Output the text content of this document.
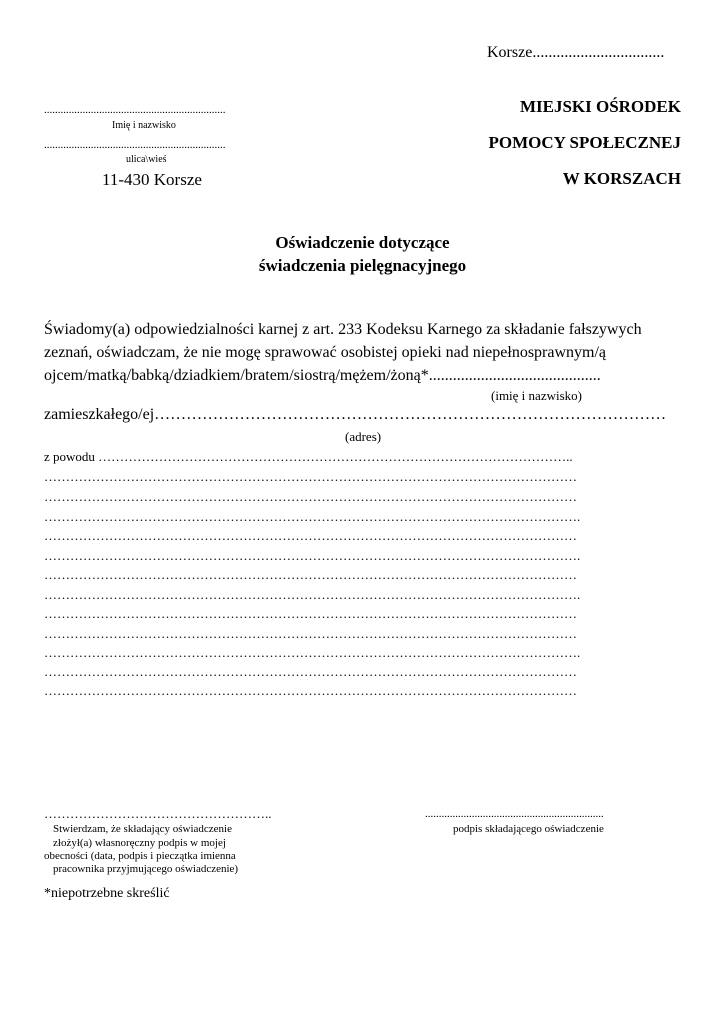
Korsze.................................
..................................................................
Imię i nazwisko
..................................................................
ulica\wieś
11-430 Korsze
MIEJSKI OŚRODEK
POMOCY SPOŁECZNEJ
W KORSZACH
Oświadczenie dotyczące
świadczenia pielęgnacyjnego
Świadomy(a) odpowiedzialności karnej z art. 233 Kodeksu Karnego za składanie fałszywych
zeznań, oświadczam, że nie mogę sprawować osobistej opieki nad niepełnosprawnym/ą
ojcem/matką/babką/dziadkiem/bratem/siostrą/mężem/żoną*...........................................
(imię i nazwisko)
zamieszkałego/ej……………………………………………………………………………………
(adres)
z powodu ………………………………………………………………………………………………..
……………………………………………………………………………………………………………
……………………………………………………………………………………………………………
…………………………………………………………………………………………………………….
……………………………………………………………………………………………………………
…………………………………………………………………………………………………………….
……………………………………………………………………………………………………………
…………………………………………………………………………………………………………….
……………………………………………………………………………………………………………
……………………………………………………………………………………………………………
…………………………………………………………………………………………………………….
……………………………………………………………………………………………………………
……………………………………………………………………………………………………………
……………………………………………..
Stwierdzam, że składający oświadczenie
złożył(a) własnoręczny podpis w mojej
obecności (data, podpis i pieczątka imienna
pracownika przyjmującego oświadczenie)
.................................................................
podpis składającego oświadczenie
*niepotrzebne skreślić
